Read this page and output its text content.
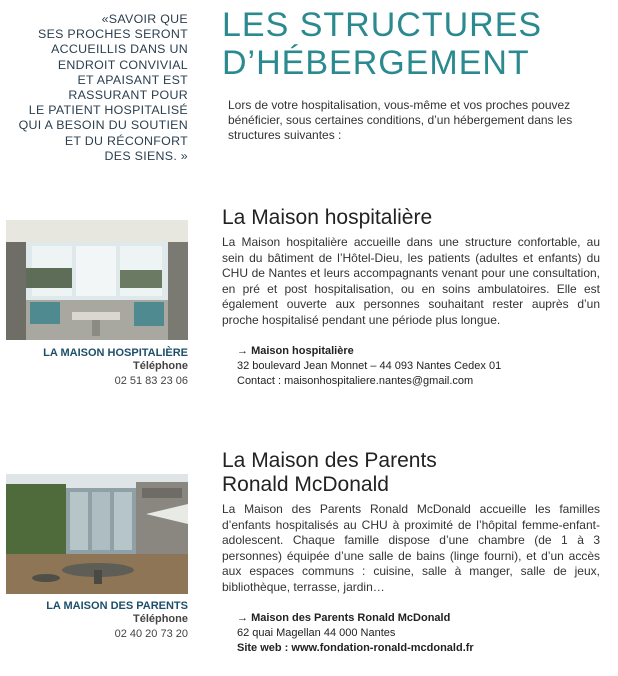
«SAVOIR QUE
SES PROCHES SERONT
ACCUEILLIS DANS UN
ENDROIT CONVIVIAL
ET APAISANT EST
RASSURANT POUR
LE PATIENT HOSPITALISÉ
QUI A BESOIN DU SOUTIEN
ET DU RÉCONFORT
DES SIENS. »
LES STRUCTURES
D’HÉBERGEMENT

Lors de votre hospitalisation, vous-même et vos proches pouvez bénéficier, sous certaines conditions, d’un hébergement dans les structures suivantes :

LA MAISON HOSPITALIÈRE
Téléphone
02 51 83 23 06
La Maison hospitalière

La Maison hospitalière accueille dans une structure confortable, au sein du bâtiment de l’Hôtel-Dieu, les patients (adultes et enfants) du CHU de Nantes et leurs accompagnants venant pour une consultation, en pré et post hospitalisation, ou en soins ambulatoires. Elle est également ouverte aux personnes souhaitant rester auprès d’un proche hospitalisé pendant une période plus longue.

→ Maison hospitalière
32 boulevard Jean Monnet – 44 093 Nantes Cedex 01
Contact : maisonhospitaliere.nantes@gmail.com
LA MAISON DES PARENTS
Téléphone
02 40 20 73 20
La Maison des Parents
Ronald McDonald

La Maison des Parents Ronald McDonald accueille les familles d’enfants hospitalisés au CHU à proximité de l’hôpital femme-enfant-adolescent. Chaque famille dispose d’une chambre (de 1 à 3 personnes) équipée d’une salle de bains (linge fourni), et d’un accès aux espaces communs : cuisine, salle à manger, salle de jeux, bibliothèque, terrasse, jardin…

→ Maison des Parents Ronald McDonald
62 quai Magellan 44 000 Nantes
Site web : www.fondation-ronald-mcdonald.fr
